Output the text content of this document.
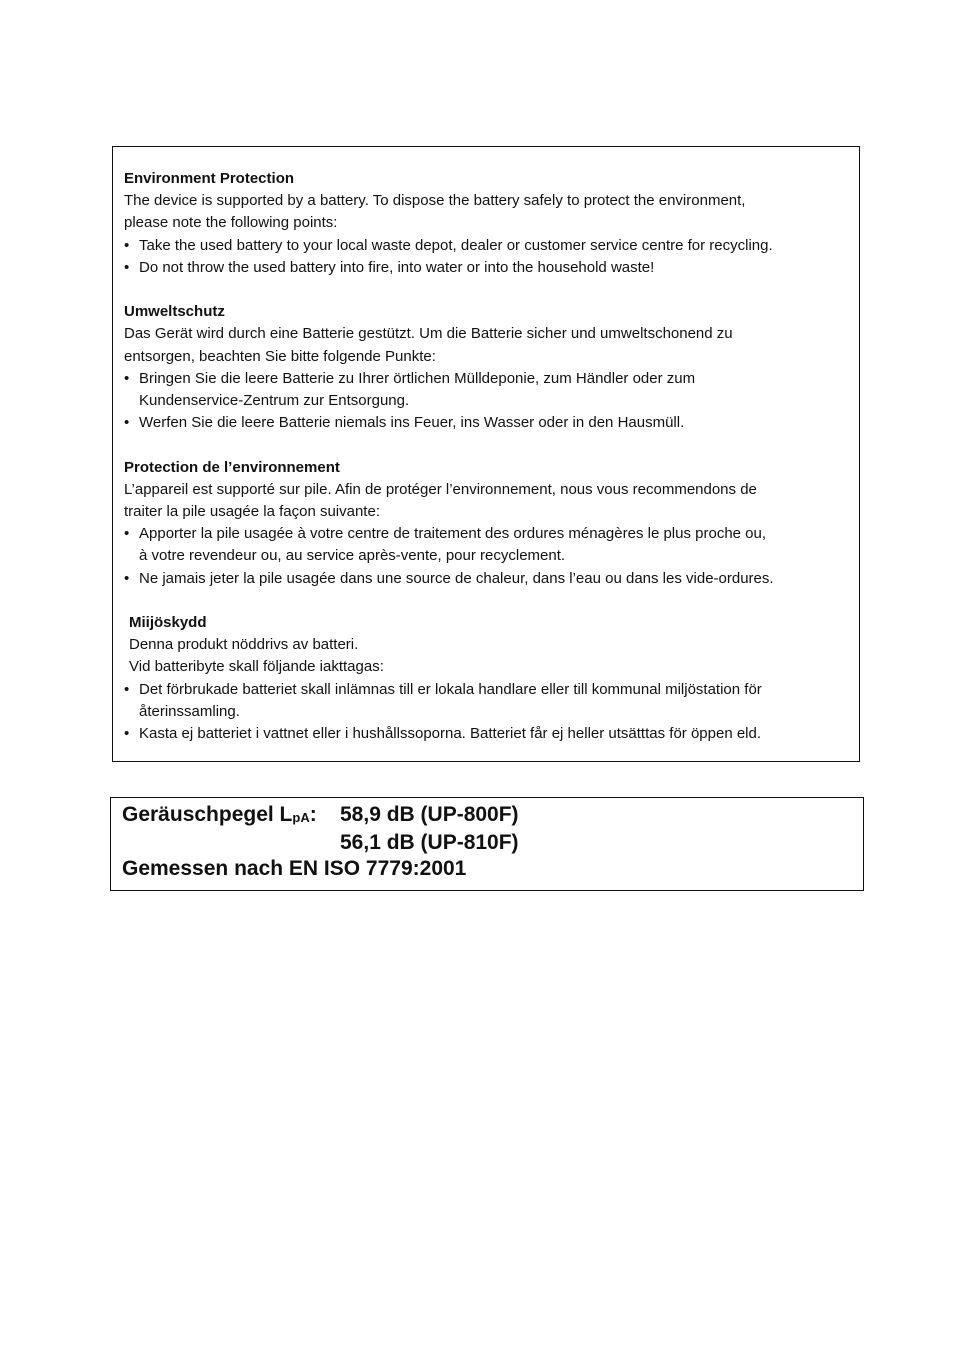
Environment Protection
The device is supported by a battery. To dispose the battery safely to protect the environment,
please note the following points:
• Take the used battery to your local waste depot, dealer or customer service centre for recycling.
• Do not throw the used battery into fire, into water or into the household waste!
Umweltschutz
Das Gerät wird durch eine Batterie gestützt. Um die Batterie sicher und umweltschonend zu
entsorgen, beachten Sie bitte folgende Punkte:
• Bringen Sie die leere Batterie zu Ihrer örtlichen Mülldeponie, zum Händler oder zum
Kundenservice-Zentrum zur Entsorgung.
• Werfen Sie die leere Batterie niemals ins Feuer, ins Wasser oder in den Hausmüll.
Protection de l’environnement
L’appareil est supporté sur pile. Afin de protéger l’environnement, nous vous recommendons de
traiter la pile usagée la façon suivante:
• Apporter la pile usagée à votre centre de traitement des ordures ménagères le plus proche ou,
à votre revendeur ou, au service après-vente, pour recyclement.
• Ne jamais jeter la pile usagée dans une source de chaleur, dans l’eau ou dans les vide-ordures.
Miijöskydd
Denna produkt nöddrivs av batteri.
Vid batteribyte skall följande iakttagas:
• Det förbrukade batteriet skall inlämnas till er lokala handlare eller till kommunal miljöstation för
återinssamling.
• Kasta ej batteriet i vattnet eller i hushållssoporna. Batteriet får ej heller utsätttas för öppen eld.
Geräuschpegel $L_{pA}$:	58,9 dB (UP-800F)
56,1 dB (UP-810F)
Gemessen nach EN ISO 7779:2001
